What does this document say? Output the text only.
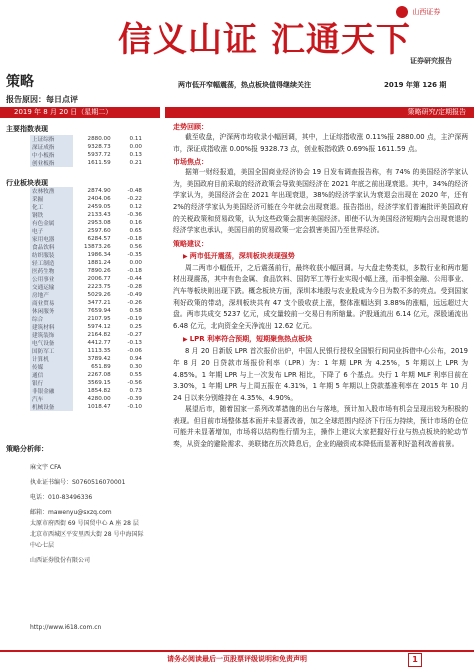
信义山证 汇通天下
山西证券
证券研究报告
策略	两市低开窄幅震荡，热点板块值得继续关注	2019 年第 126 期
报告原因：每日点评
2019 年 8 月 20 日（星期二）	策略研究/定期报告
主要指数表现
上证综指	2880.00	0.11
深证成指	9328.73	0.00
中小板指	5937.72	0.13
创业板指	1611.59	0.21
行业板块表现
农林牧渔	2874.90	-0.48
采掘	2404.06	-0.22
化工	2459.05	0.12
钢铁	2133.43	-0.36
有色金属	2953.08	0.16
电子	2597.60	0.65
家用电器	6284.57	-0.18
食品饮料	13873.26	0.56
纺织服装	1986.34	-0.35
轻工制造	1881.24	0.00
医药生物	7890.26	-0.18
公用事业	2006.77	-0.44
交通运输	2223.75	-0.28
房地产	5029.26	-0.49
商业贸易	3477.21	-0.26
休闲服务	7659.94	0.58
综合	2107.95	-0.19
建筑材料	5974.12	0.25
建筑装饰	2164.82	-0.27
电气设备	4412.77	-0.13
国防军工	1113.35	-0.06
计算机	3789.42	0.94
传媒	651.89	0.30
通信	2267.08	0.55
银行	3569.15	-0.56
非银金融	1854.82	0.73
汽车	4280.00	-0.39
机械设备	1018.47	-0.10
策略分析师：
麻文宇 CFA
执业证书编号：S0760516070001
电话：010-83496336
邮箱：mawenyu@sxzq.com
太原市府西街 69 号国贸中心 A 座 28 层
北京市西城区平安里西大街 28 号中海国际中心七层
山西证券股份有限公司
http://www.i618.com.cn

走势回顾：

截至收盘，沪深两市均收录小幅回调，其中，上证综指收涨 0.11%报 2880.00 点，主沪深两市，深证成指收涨 0.00%报 9328.73 点，创业板指收跌 0.69%报 1611.59 点。

市场焦点：

据第一财经报道，美国全国商业经济协会 19 日发布调查报告称，有 74% 的美国经济学家认为，美国政府目前采取的经济政策会导致美国经济在 2021 年底之前出现衰退。其中，34%的经济学家认为，美国经济会在 2021 年出现衰退，38%的经济学家认为衰退会出现在 2020 年，还有 2%的经济学家认为美国经济可能在今年就会出现衰退。报告指出，经济学家们普遍批评美国政府的关税政策和贸易政策，认为这些政策会损害美国经济。即使不认为美国经济短期内会出现衰退的经济学家也承认，美国目前的贸易政策一定会损害美国乃至世界经济。

策略建议：

▶ 两市低开震荡，深圳板块表现强势

周二两市小幅低开，之后震荡前行，最终收获小幅回调。与大盘走势类似，多数行业和两市题材出现震荡，其中有色金属、食品饮料、国防军工等行业实现小幅上涨，而非银金融、公用事业、汽车等板块则出现下跌。概念板块方面，深圳本地股与农业股成为今日为数不多的亮点。受到国家利好政策的带动，深圳板块共有 47 支个股收获上涨，整体涨幅达到 3.88%的涨幅，远远超过大盘。两市共成交 5237 亿元，成交量较前一交易日有所缩量。沪股通流出 6.14 亿元，深股通流出 6.48 亿元，北向资金全天净流出 12.62 亿元。

▶ LPR 利率符合预期，短期聚焦热点板块

8 月 20 日新版 LPR 首次报价出炉，中国人民银行授权全国银行间同业拆借中心公布，2019 年 8 月 20 日贷款市场报价利率（LPR）为：1 年期 LPR 为 4.25%，5 年期以上 LPR 为 4.85%。1 年期 LPR 与上一次发布 LPR 相比，下降了 6 个基点。央行 1 年期 MLF 利率目前在 3.30%，1 年期 LPR 与上周五报在 4.31%，1 年期 5 年期以上贷款基准利率在 2015 年 10 月 24 日以来分别维持在 4.35%、4.90%。

展望后市，随着国家一系列改革措施的出台与落地，预计加入股市场有机会呈现出较为积极的表现。但目前市场整体基本面并未显著改善，加之全球范围内经济下行压力持续，预计市场的仓位可能并未显著增加，市场将以结构性行情为主，操作上建议大家把握好行业与热点板块的轮动节奏，从资金的避险需求、美联储在历次降息后，企业的融资成本降低而显著利好盈利改善前景。

请务必阅读最后一页股票评级说明和免责声明	1
